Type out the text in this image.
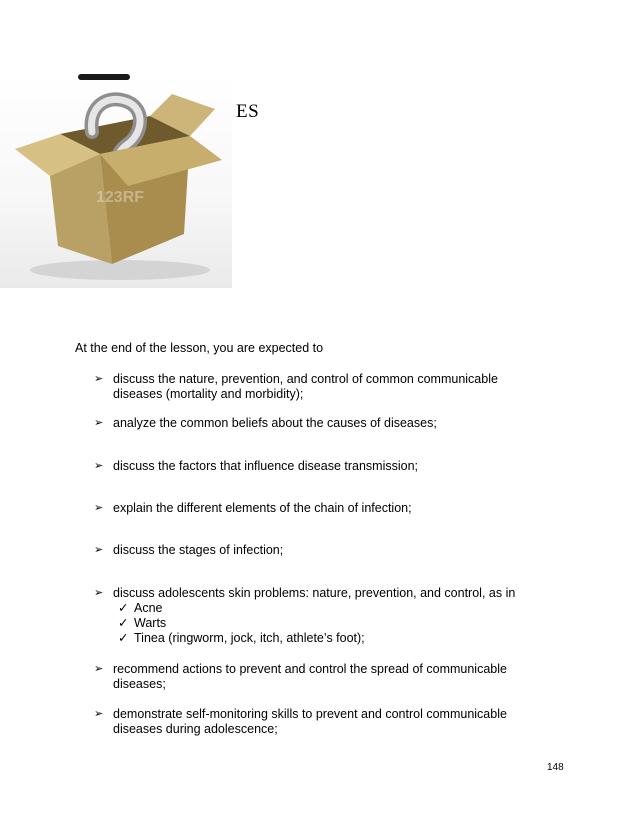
123RF
ES
At the end of the lesson, you are expected to
➢ discuss the nature, prevention, and control of common communicable diseases (mortality and morbidity);
➢ analyze the common beliefs about the causes of diseases;
➢ discuss the factors that influence disease transmission;
➢ explain the different elements of the chain of infection;
➢ discuss the stages of infection;
➢ discuss adolescents skin problems: nature, prevention, and control, as in
✓ Acne
✓ Warts
✓ Tinea (ringworm, jock, itch, athlete’s foot);
➢ recommend actions to prevent and control the spread of communicable diseases;
➢ demonstrate self-monitoring skills to prevent and control communicable diseases during adolescence;
148
